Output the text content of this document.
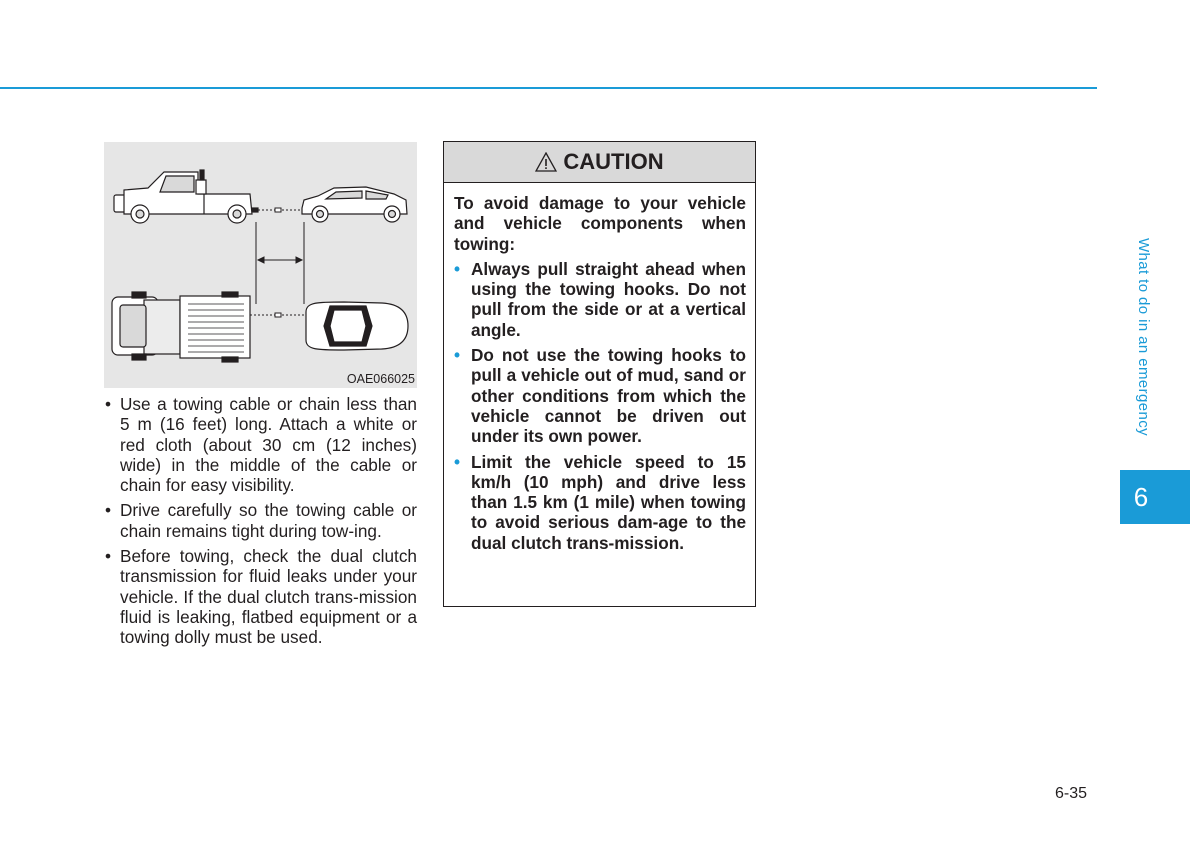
OAE066025
• Use a towing cable or chain less than 5 m (16 feet) long. Attach a white or red cloth (about 30 cm (12 inches) wide) in the middle of the cable or chain for easy visibility.
• Drive carefully so the towing cable or chain remains tight during tow-ing.
• Before towing, check the dual clutch transmission for fluid leaks under your vehicle. If the dual clutch trans-mission fluid is leaking, flatbed equipment or a towing dolly must be used.
CAUTION

To avoid damage to your vehicle and vehicle components when towing:

• Always pull straight ahead when using the towing hooks. Do not pull from the side or at a vertical angle.
• Do not use the towing hooks to pull a vehicle out of mud, sand or other conditions from which the vehicle cannot be driven out under its own power.
• Limit the vehicle speed to 15 km/h (10 mph) and drive less than 1.5 km (1 mile) when towing to avoid serious dam-age to the dual clutch trans-mission.
What to do in an emergency
6
6-35
